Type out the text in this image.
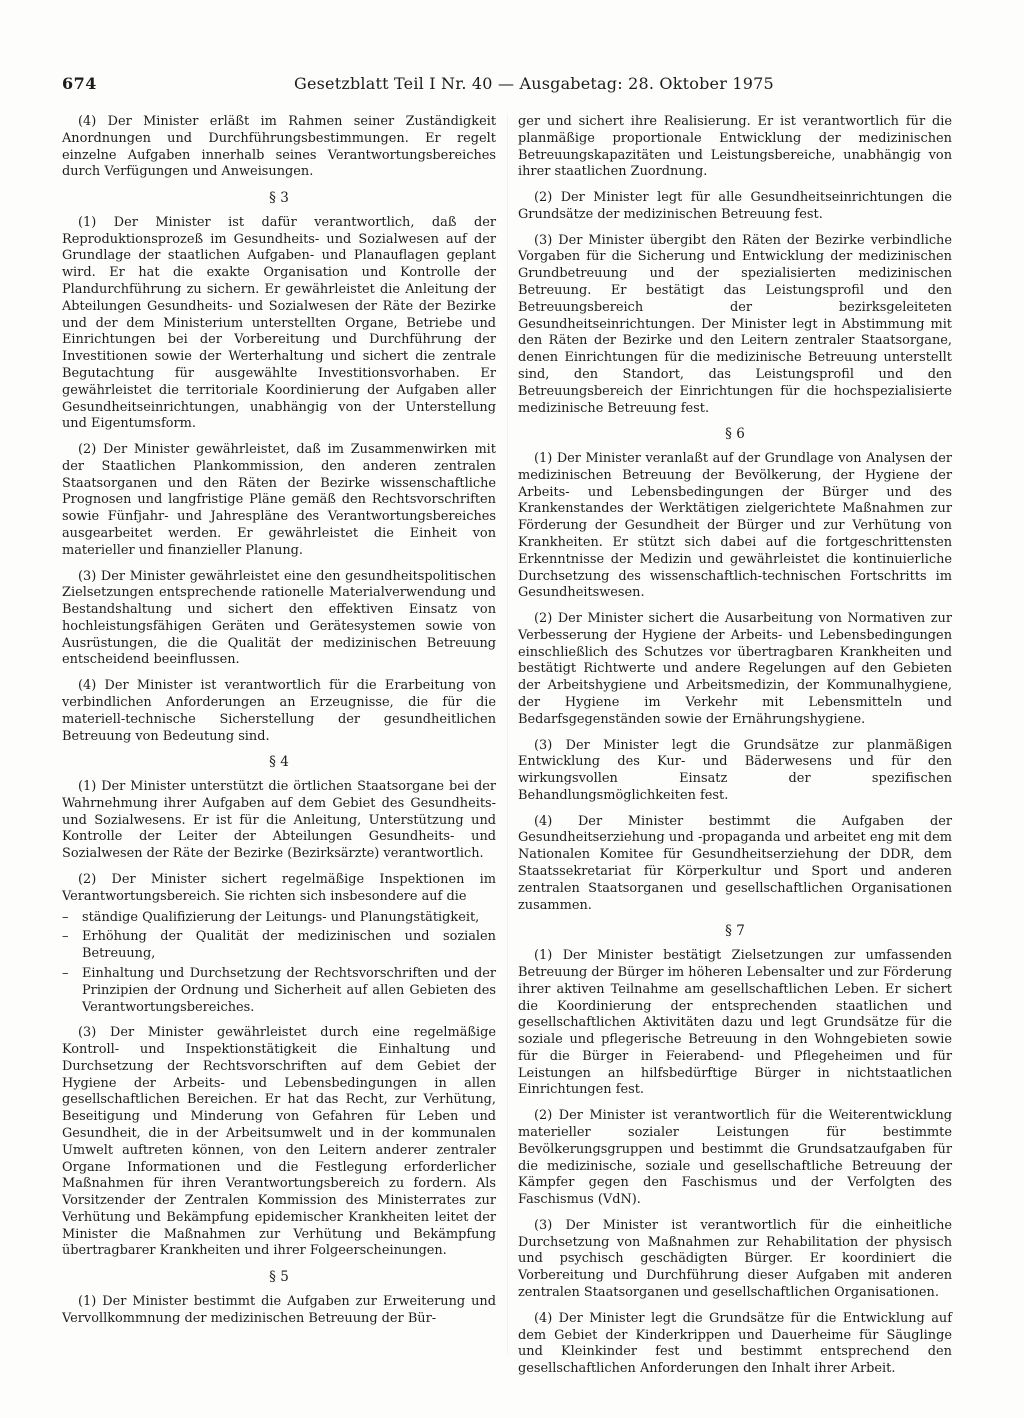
674	Gesetzblatt Teil I Nr. 40 — Ausgabetag: 28. Oktober 1975

(4) Der Minister erläßt im Rahmen seiner Zuständigkeit Anordnungen und Durchführungsbestimmungen. Er regelt einzelne Aufgaben innerhalb seines Verantwortungsbereiches durch Verfügungen und Anweisungen.

§ 3

(1) Der Minister ist dafür verantwortlich, daß der Reproduktionsprozeß im Gesundheits- und Sozialwesen auf der Grundlage der staatlichen Aufgaben- und Planauflagen geplant wird. Er hat die exakte Organisation und Kontrolle der Plandurchführung zu sichern. Er gewährleistet die Anleitung der Abteilungen Gesundheits- und Sozialwesen der Räte der Bezirke und der dem Ministerium unterstellten Organe, Betriebe und Einrichtungen bei der Vorbereitung und Durchführung der Investitionen sowie der Werterhaltung und sichert die zentrale Begutachtung für ausgewählte Investitionsvorhaben. Er gewährleistet die territoriale Koordinierung der Aufgaben aller Gesundheitseinrichtungen, unabhängig von der Unterstellung und Eigentumsform.

(2) Der Minister gewährleistet, daß im Zusammenwirken mit der Staatlichen Plankommission, den anderen zentralen Staatsorganen und den Räten der Bezirke wissenschaftliche Prognosen und langfristige Pläne gemäß den Rechtsvorschriften sowie Fünfjahr- und Jahrespläne des Verantwortungsbereiches ausgearbeitet werden. Er gewährleistet die Einheit von materieller und finanzieller Planung.

(3) Der Minister gewährleistet eine den gesundheitspolitischen Zielsetzungen entsprechende rationelle Materialverwendung und Bestandshaltung und sichert den effektiven Einsatz von hochleistungsfähigen Geräten und Gerätesystemen sowie von Ausrüstungen, die die Qualität der medizinischen Betreuung entscheidend beeinflussen.

(4) Der Minister ist verantwortlich für die Erarbeitung von verbindlichen Anforderungen an Erzeugnisse, die für die materiell-technische Sicherstellung der gesundheitlichen Betreuung von Bedeutung sind.

§ 4

(1) Der Minister unterstützt die örtlichen Staatsorgane bei der Wahrnehmung ihrer Aufgaben auf dem Gebiet des Gesundheits- und Sozialwesens. Er ist für die Anleitung, Unterstützung und Kontrolle der Leiter der Abteilungen Gesundheits- und Sozialwesen der Räte der Bezirke (Bezirksärzte) verantwortlich.

(2) Der Minister sichert regelmäßige Inspektionen im Verantwortungsbereich. Sie richten sich insbesondere auf die

– ständige Qualifizierung der Leitungs- und Planungstätigkeit,
– Erhöhung der Qualität der medizinischen und sozialen Betreuung,
– Einhaltung und Durchsetzung der Rechtsvorschriften und der Prinzipien der Ordnung und Sicherheit auf allen Gebieten des Verantwortungsbereiches.

(3) Der Minister gewährleistet durch eine regelmäßige Kontroll- und Inspektionstätigkeit die Einhaltung und Durchsetzung der Rechtsvorschriften auf dem Gebiet der Hygiene der Arbeits- und Lebensbedingungen in allen gesellschaftlichen Bereichen. Er hat das Recht, zur Verhütung, Beseitigung und Minderung von Gefahren für Leben und Gesundheit, die in der Arbeitsumwelt und in der kommunalen Umwelt auftreten können, von den Leitern anderer zentraler Organe Informationen und die Festlegung erforderlicher Maßnahmen für ihren Verantwortungsbereich zu fordern. Als Vorsitzender der Zentralen Kommission des Ministerrates zur Verhütung und Bekämpfung epidemischer Krankheiten leitet der Minister die Maßnahmen zur Verhütung und Bekämpfung übertragbarer Krankheiten und ihrer Folgeerscheinungen.

§ 5

(1) Der Minister bestimmt die Aufgaben zur Erweiterung und Vervollkommnung der medizinischen Betreuung der Bür-

ger und sichert ihre Realisierung. Er ist verantwortlich für die planmäßige proportionale Entwicklung der medizinischen Betreuungskapazitäten und Leistungsbereiche, unabhängig von ihrer staatlichen Zuordnung.

(2) Der Minister legt für alle Gesundheitseinrichtungen die Grundsätze der medizinischen Betreuung fest.

(3) Der Minister übergibt den Räten der Bezirke verbindliche Vorgaben für die Sicherung und Entwicklung der medizinischen Grundbetreuung und der spezialisierten medizinischen Betreuung. Er bestätigt das Leistungsprofil und den Betreuungsbereich der bezirksgeleiteten Gesundheitseinrichtungen. Der Minister legt in Abstimmung mit den Räten der Bezirke und den Leitern zentraler Staatsorgane, denen Einrichtungen für die medizinische Betreuung unterstellt sind, den Standort, das Leistungsprofil und den Betreuungsbereich der Einrichtungen für die hochspezialisierte medizinische Betreuung fest.

§ 6

(1) Der Minister veranlaßt auf der Grundlage von Analysen der medizinischen Betreuung der Bevölkerung, der Hygiene der Arbeits- und Lebensbedingungen der Bürger und des Krankenstandes der Werktätigen zielgerichtete Maßnahmen zur Förderung der Gesundheit der Bürger und zur Verhütung von Krankheiten. Er stützt sich dabei auf die fortgeschrittensten Erkenntnisse der Medizin und gewährleistet die kontinuierliche Durchsetzung des wissenschaftlich-technischen Fortschritts im Gesundheitswesen.

(2) Der Minister sichert die Ausarbeitung von Normativen zur Verbesserung der Hygiene der Arbeits- und Lebensbedingungen einschließlich des Schutzes vor übertragbaren Krankheiten und bestätigt Richtwerte und andere Regelungen auf den Gebieten der Arbeitshygiene und Arbeitsmedizin, der Kommunalhygiene, der Hygiene im Verkehr mit Lebensmitteln und Bedarfsgegenständen sowie der Ernährungshygiene.

(3) Der Minister legt die Grundsätze zur planmäßigen Entwicklung des Kur- und Bäderwesens und für den wirkungsvollen Einsatz der spezifischen Behandlungsmöglichkeiten fest.

(4) Der Minister bestimmt die Aufgaben der Gesundheitserziehung und -propaganda und arbeitet eng mit dem Nationalen Komitee für Gesundheitserziehung der DDR, dem Staatssekretariat für Körperkultur und Sport und anderen zentralen Staatsorganen und gesellschaftlichen Organisationen zusammen.

§ 7

(1) Der Minister bestätigt Zielsetzungen zur umfassenden Betreuung der Bürger im höheren Lebensalter und zur Förderung ihrer aktiven Teilnahme am gesellschaftlichen Leben. Er sichert die Koordinierung der entsprechenden staatlichen und gesellschaftlichen Aktivitäten dazu und legt Grundsätze für die soziale und pflegerische Betreuung in den Wohngebieten sowie für die Bürger in Feierabend- und Pflegeheimen und für Leistungen an hilfsbedürftige Bürger in nichtstaatlichen Einrichtungen fest.

(2) Der Minister ist verantwortlich für die Weiterentwicklung materieller sozialer Leistungen für bestimmte Bevölkerungsgruppen und bestimmt die Grundsatzaufgaben für die medizinische, soziale und gesellschaftliche Betreuung der Kämpfer gegen den Faschismus und der Verfolgten des Faschismus (VdN).

(3) Der Minister ist verantwortlich für die einheitliche Durchsetzung von Maßnahmen zur Rehabilitation der physisch und psychisch geschädigten Bürger. Er koordiniert die Vorbereitung und Durchführung dieser Aufgaben mit anderen zentralen Staatsorganen und gesellschaftlichen Organisationen.

(4) Der Minister legt die Grundsätze für die Entwicklung auf dem Gebiet der Kinderkrippen und Dauerheime für Säuglinge und Kleinkinder fest und bestimmt entsprechend den gesellschaftlichen Anforderungen den Inhalt ihrer Arbeit.
